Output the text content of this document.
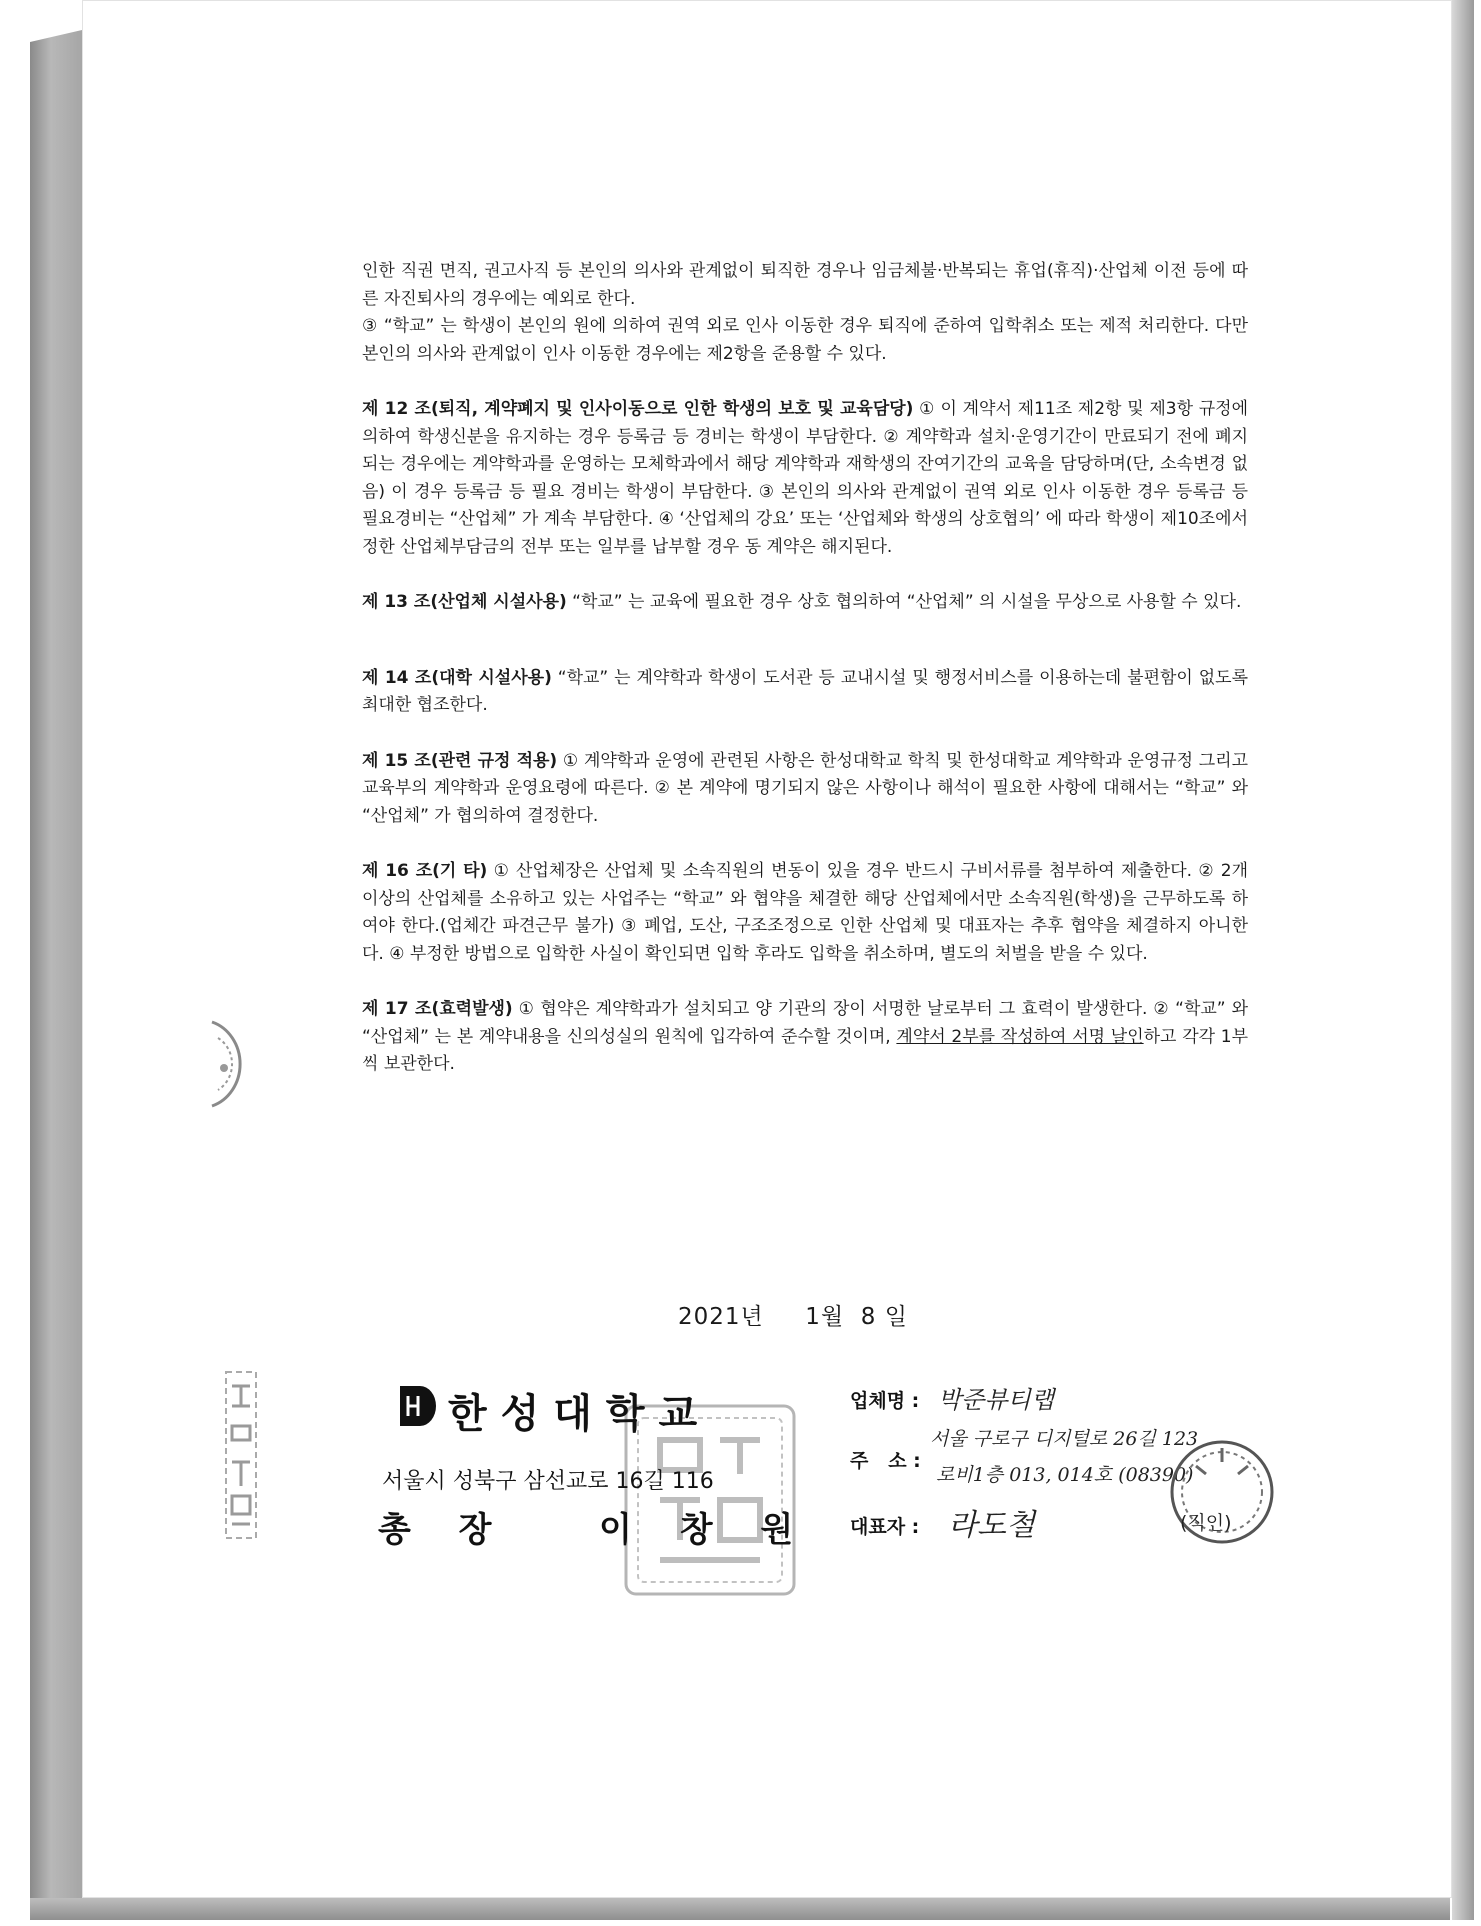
인한 직권 면직, 권고사직 등 본인의 의사와 관계없이 퇴직한 경우나 임금체불·반복되는 휴업(휴직)·산업체 이전 등에 따른 자진퇴사의 경우에는 예외로 한다.
③ “학교” 는 학생이 본인의 원에 의하여 권역 외로 인사 이동한 경우 퇴직에 준하여 입학취소 또는 제적 처리한다. 다만 본인의 의사와 관계없이 인사 이동한 경우에는 제2항을 준용할 수 있다.

제 12 조(퇴직, 계약폐지 및 인사이동으로 인한 학생의 보호 및 교육담당) ① 이 계약서 제11조 제2항 및 제3항 규정에 의하여 학생신분을 유지하는 경우 등록금 등 경비는 학생이 부담한다. ② 계약학과 설치·운영기간이 만료되기 전에 폐지되는 경우에는 계약학과를 운영하는 모체학과에서 해당 계약학과 재학생의 잔여기간의 교육을 담당하며(단, 소속변경 없음) 이 경우 등록금 등 필요 경비는 학생이 부담한다. ③ 본인의 의사와 관계없이 권역 외로 인사 이동한 경우 등록금 등 필요경비는 “산업체” 가 계속 부담한다. ④ ‘산업체의 강요’ 또는 ‘산업체와 학생의 상호협의’ 에 따라 학생이 제10조에서 정한 산업체부담금의 전부 또는 일부를 납부할 경우 동 계약은 해지된다.

제 13 조(산업체 시설사용) “학교” 는 교육에 필요한 경우 상호 협의하여 “산업체” 의 시설을 무상으로 사용할 수 있다.

제 14 조(대학 시설사용) “학교” 는 계약학과 학생이 도서관 등 교내시설 및 행정서비스를 이용하는데 불편함이 없도록 최대한 협조한다.

제 15 조(관련 규정 적용) ① 계약학과 운영에 관련된 사항은 한성대학교 학칙 및 한성대학교 계약학과 운영규정 그리고 교육부의 계약학과 운영요령에 따른다. ② 본 계약에 명기되지 않은 사항이나 해석이 필요한 사항에 대해서는 “학교” 와 “산업체” 가 협의하여 결정한다.

제 16 조(기 타) ① 산업체장은 산업체 및 소속직원의 변동이 있을 경우 반드시 구비서류를 첨부하여 제출한다. ② 2개 이상의 산업체를 소유하고 있는 사업주는 “학교” 와 협약을 체결한 해당 산업체에서만 소속직원(학생)을 근무하도록 하여야 한다.(업체간 파견근무 불가) ③ 폐업, 도산, 구조조정으로 인한 산업체 및 대표자는 추후 협약을 체결하지 아니한다. ④ 부정한 방법으로 입학한 사실이 확인되면 입학 후라도 입학을 취소하며, 별도의 처벌을 받을 수 있다.

제 17 조(효력발생) ① 협약은 계약학과가 설치되고 양 기관의 장이 서명한 날로부터 그 효력이 발생한다. ② “학교” 와 “산업체” 는 본 계약내용을 신의성실의 원칙에 입각하여 준수할 것이며, 계약서 2부를 작성하여 서명 날인하고 각각 1부씩 보관한다.

2021년     1월  8 일
한성대학교
서울시 성북구 삼선교로 16길 116
총 장   이 창 원
업체명 : 박준뷰티랩
주   소 :
서울 구로구 디지털로 26길 123
로비1층 013, 014호 (08390)
대표자 : 라도철	(직인)
